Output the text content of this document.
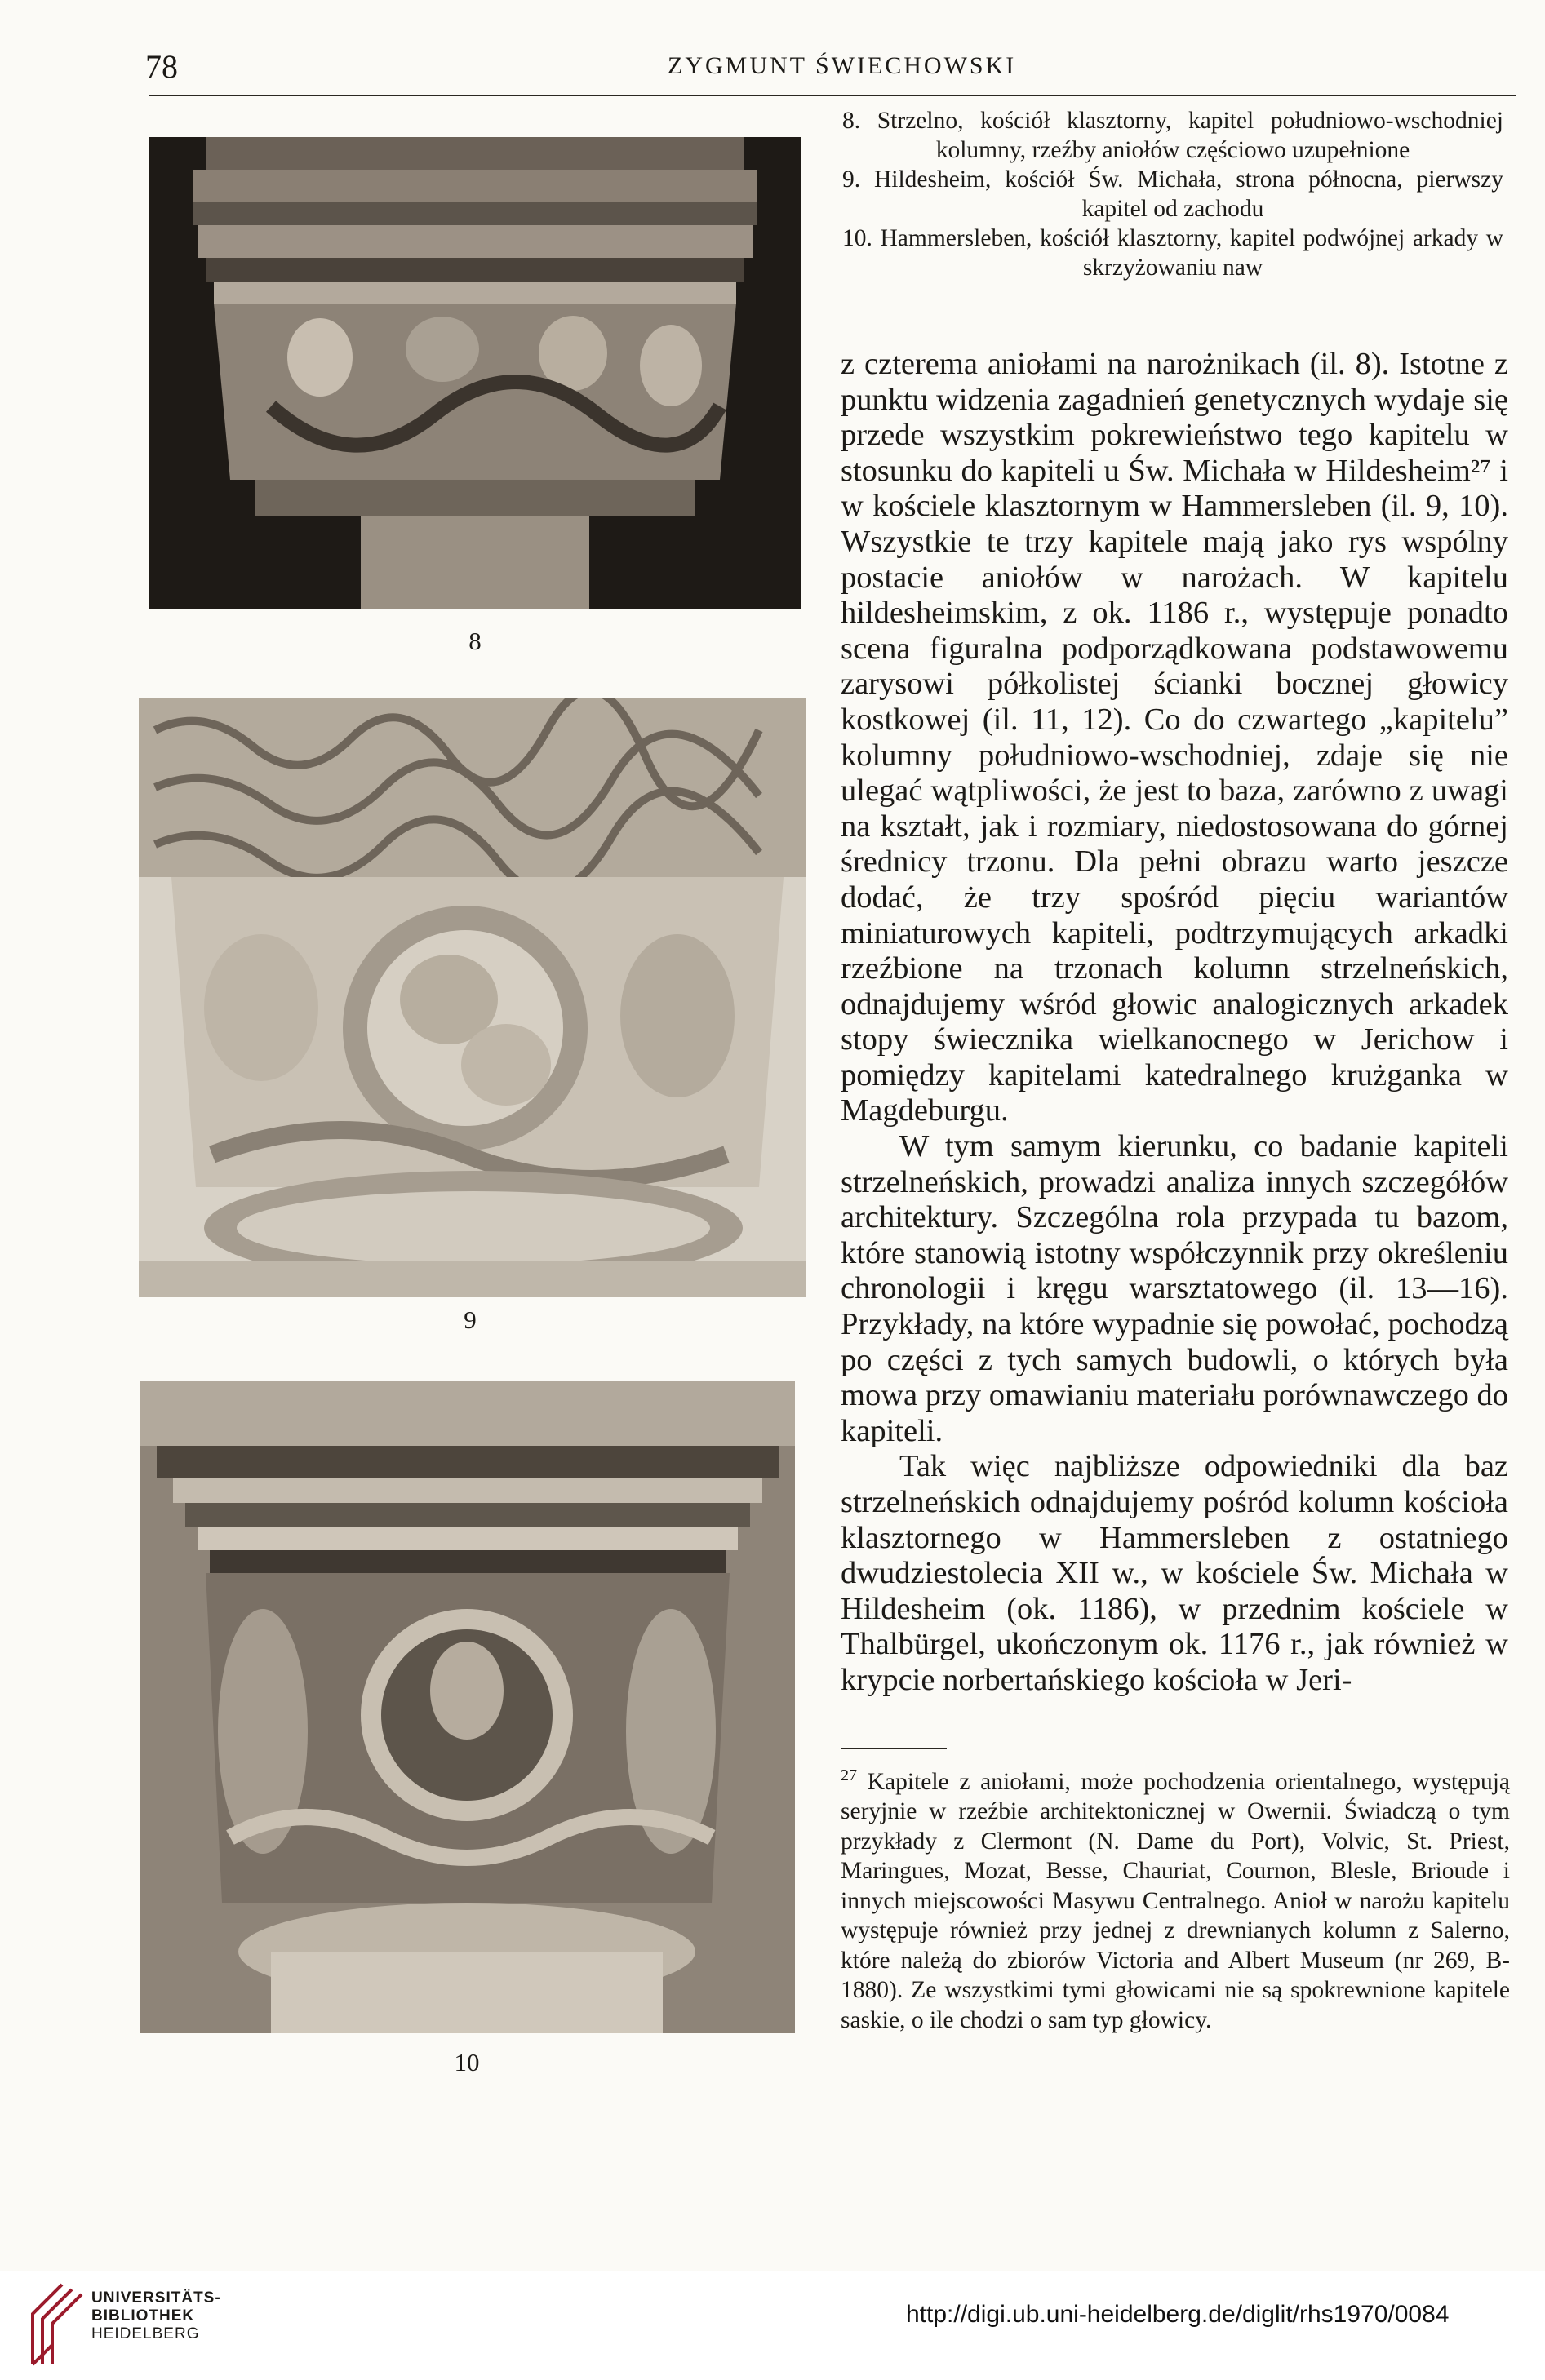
78	ZYGMUNT ŚWIECHOWSKI
8
9
10

8. Strzelno, kościół klasztorny, kapitel południowo-wschodniej kolumny, rzeźby aniołów częściowo uzupełnione

9. Hildesheim, kościół Św. Michała, strona północna, pierwszy kapitel od zachodu

10. Hammersleben, kościół klasztorny, kapitel podwójnej arkady w skrzyżowaniu naw

z czterema aniołami na narożnikach (il. 8). Istotne z punktu widzenia zagadnień genetycznych wydaje się przede wszystkim pokrewieństwo tego kapitelu w stosunku do kapiteli u Św. Michała w Hildesheim²⁷ i w kościele klasztornym w Hammersleben (il. 9, 10). Wszystkie te trzy kapitele mają jako rys wspólny postacie aniołów w narożach. W kapitelu hildesheimskim, z ok. 1186 r., występuje ponadto scena figuralna podporządkowana podstawowemu zarysowi półkolistej ścianki bocznej głowicy kostkowej (il. 11, 12). Co do czwartego „kapitelu” kolumny południowo-wschodniej, zdaje się nie ulegać wątpliwości, że jest to baza, zarówno z uwagi na kształt, jak i rozmiary, niedostosowana do górnej średnicy trzonu. Dla pełni obrazu warto jeszcze dodać, że trzy spośród pięciu wariantów miniaturowych kapiteli, podtrzymujących arkadki rzeźbione na trzonach kolumn strzelneńskich, odnajdujemy wśród głowic analogicznych arkadek stopy świecznika wielkanocnego w Jerichow i pomiędzy kapitelami katedralnego krużganka w Magdeburgu.

W tym samym kierunku, co badanie kapiteli strzelneńskich, prowadzi analiza innych szczegółów architektury. Szczególna rola przypada tu bazom, które stanowią istotny współczynnik przy określeniu chronologii i kręgu warsztatowego (il. 13—16). Przykłady, na które wypadnie się powołać, pochodzą po części z tych samych budowli, o których była mowa przy omawianiu materiału porównawczego do kapiteli.

Tak więc najbliższe odpowiedniki dla baz strzelneńskich odnajdujemy pośród kolumn kościoła klasztornego w Hammersleben z ostatniego dwudziestolecia XII w., w kościele Św. Michała w Hildesheim (ok. 1186), w przednim kościele w Thalbürgel, ukończonym ok. 1176 r., jak również w krypcie norbertańskiego kościoła w Jeri-

$^{27}$ Kapitele z aniołami, może pochodzenia orientalnego, występują seryjnie w rzeźbie architektonicznej w Owernii. Świadczą o tym przykłady z Clermont (N. Dame du Port), Volvic, St. Priest, Maringues, Mozat, Besse, Chauriat, Cournon, Blesle, Brioude i innych miejscowości Masywu Centralnego. Anioł w narożu kapitelu występuje również przy jednej z drewnianych kolumn z Salerno, które należą do zbiorów Victoria and Albert Museum (nr 269, B-1880). Ze wszystkimi tymi głowicami nie są spokrewnione kapitele saskie, o ile chodzi o sam typ głowicy.
UNIVERSITÄTS-
BIBLIOTHEK
HEIDELBERG
http://digi.ub.uni-heidelberg.de/diglit/rhs1970/0084
